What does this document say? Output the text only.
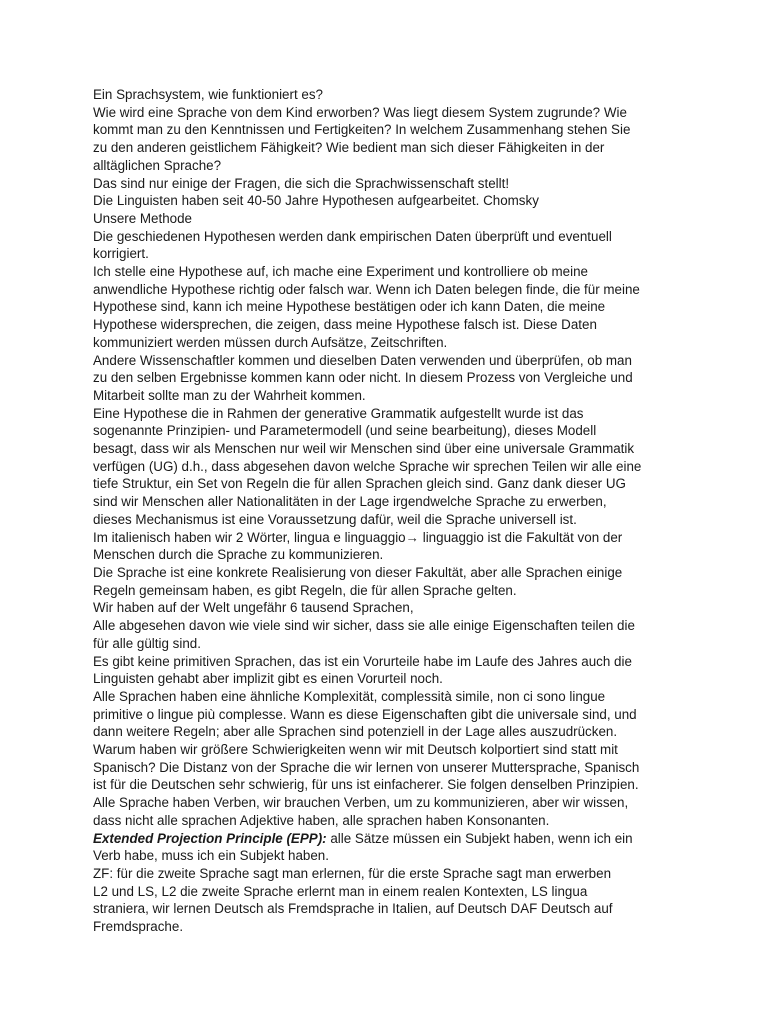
Ein Sprachsystem, wie funktioniert es?

Wie wird eine Sprache von dem Kind erworben? Was liegt diesem System zugrunde? Wie
kommt man zu den Kenntnissen und Fertigkeiten? In welchem Zusammenhang stehen Sie
zu den anderen geistlichem Fähigkeit? Wie bedient man sich dieser Fähigkeiten in der
alltäglichen Sprache?

Das sind nur einige der Fragen, die sich die Sprachwissenschaft stellt!

Die Linguisten haben seit 40-50 Jahre Hypothesen aufgearbeitet. Chomsky

Unsere Methode

Die geschiedenen Hypothesen werden dank empirischen Daten überprüft und eventuell
korrigiert.

Ich stelle eine Hypothese auf, ich mache eine Experiment und kontrolliere ob meine
anwendliche Hypothese richtig oder falsch war. Wenn ich Daten belegen finde, die für meine
Hypothese sind, kann ich meine Hypothese bestätigen oder ich kann Daten, die meine
Hypothese widersprechen, die zeigen, dass meine Hypothese falsch ist. Diese Daten
kommuniziert werden müssen durch Aufsätze, Zeitschriften.

Andere Wissenschaftler kommen und dieselben Daten verwenden und überprüfen, ob man
zu den selben Ergebnisse kommen kann oder nicht. In diesem Prozess von Vergleiche und
Mitarbeit sollte man zu der Wahrheit kommen.

Eine Hypothese die in Rahmen der generative Grammatik aufgestellt wurde ist das
sogenannte Prinzipien- und Parametermodell (und seine bearbeitung), dieses Modell
besagt, dass wir als Menschen nur weil wir Menschen sind über eine universale Grammatik
verfügen (UG) d.h., dass abgesehen davon welche Sprache wir sprechen Teilen wir alle eine
tiefe Struktur, ein Set von Regeln die für allen Sprachen gleich sind. Ganz dank dieser UG
sind wir Menschen aller Nationalitäten in der Lage irgendwelche Sprache zu erwerben,
dieses Mechanismus ist eine Voraussetzung dafür, weil die Sprache universell ist.

Im italienisch haben wir 2 Wörter, lingua e linguaggio→ linguaggio ist die Fakultät von der
Menschen durch die Sprache zu kommunizieren.

Die Sprache ist eine konkrete Realisierung von dieser Fakultät, aber alle Sprachen einige
Regeln gemeinsam haben, es gibt Regeln, die für allen Sprache gelten.

Wir haben auf der Welt ungefähr 6 tausend Sprachen,

Alle abgesehen davon wie viele sind wir sicher, dass sie alle einige Eigenschaften teilen die
für alle gültig sind.

Es gibt keine primitiven Sprachen, das ist ein Vorurteile habe im Laufe des Jahres auch die
Linguisten gehabt aber implizit gibt es einen Vorurteil noch.

Alle Sprachen haben eine ähnliche Komplexität, complessità simile, non ci sono lingue
primitive o lingue più complesse. Wann es diese Eigenschaften gibt die universale sind, und
dann weitere Regeln; aber alle Sprachen sind potenziell in der Lage alles auszudrücken.

Warum haben wir größere Schwierigkeiten wenn wir mit Deutsch kolportiert sind statt mit
Spanisch? Die Distanz von der Sprache die wir lernen von unserer Muttersprache, Spanisch
ist für die Deutschen sehr schwierig, für uns ist einfacherer. Sie folgen denselben Prinzipien.

Alle Sprache haben Verben, wir brauchen Verben, um zu kommunizieren, aber wir wissen,
dass nicht alle sprachen Adjektive haben, alle sprachen haben Konsonanten.

Extended Projection Principle (EPP): alle Sätze müssen ein Subjekt haben, wenn ich ein
Verb habe, muss ich ein Subjekt haben.

ZF: für die zweite Sprache sagt man erlernen, für die erste Sprache sagt man erwerben
L2 und LS, L2 die zweite Sprache erlernt man in einem realen Kontexten, LS lingua
straniera, wir lernen Deutsch als Fremdsprache in Italien, auf Deutsch DAF Deutsch auf
Fremdsprache.
